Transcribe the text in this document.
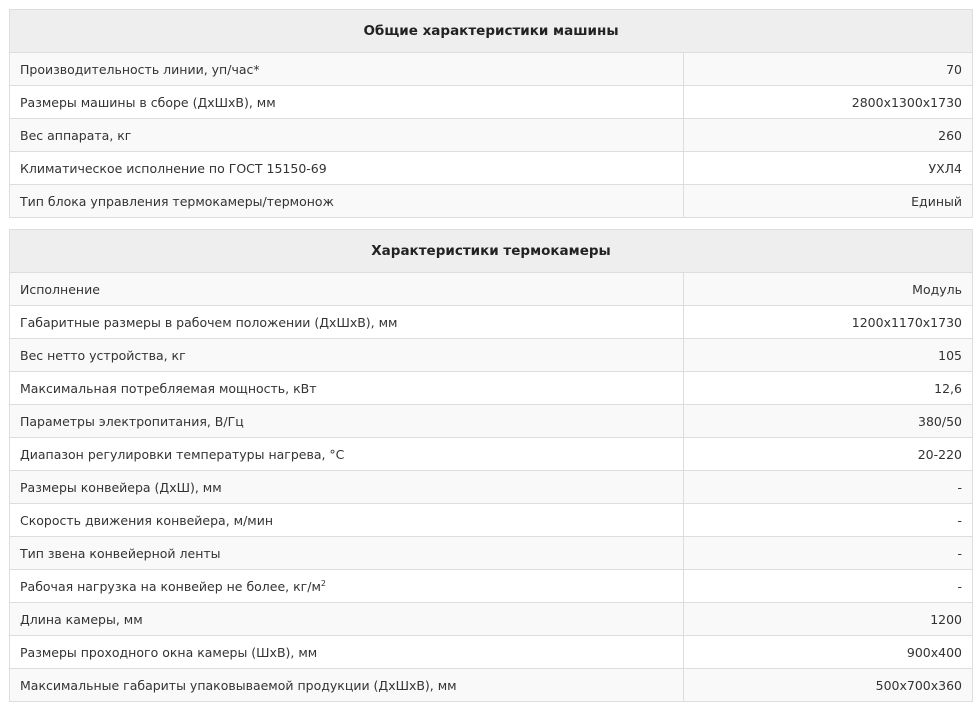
Общие характеристики машины	
Производительность линии, уп/час*	70
Размеры машины в сборе (ДхШхВ), мм	2800x1300x1730
Вес аппарата, кг	260
Климатическое исполнение по ГОСТ 15150-69	УХЛ4
Тип блока управления термокамеры/термонож	Единый
Характеристики термокамеры	
Исполнение	Модуль
Габаритные размеры в рабочем положении (ДхШхВ), мм	1200x1170x1730
Вес нетто устройства, кг	105
Максимальная потребляемая мощность, кВт	12,6
Параметры электропитания, В/Гц	380/50
Диапазон регулировки температуры нагрева, °С	20-220
Размеры конвейера (ДхШ), мм	-
Скорость движения конвейера, м/мин	-
Тип звена конвейерной ленты	-
Рабочая нагрузка на конвейер не более, $кг/м^2$	-
Длина камеры, мм	1200
Размеры проходного окна камеры (ШхВ), мм	900x400
Максимальные габариты упаковываемой продукции (ДхШхВ), мм	500x700x360
